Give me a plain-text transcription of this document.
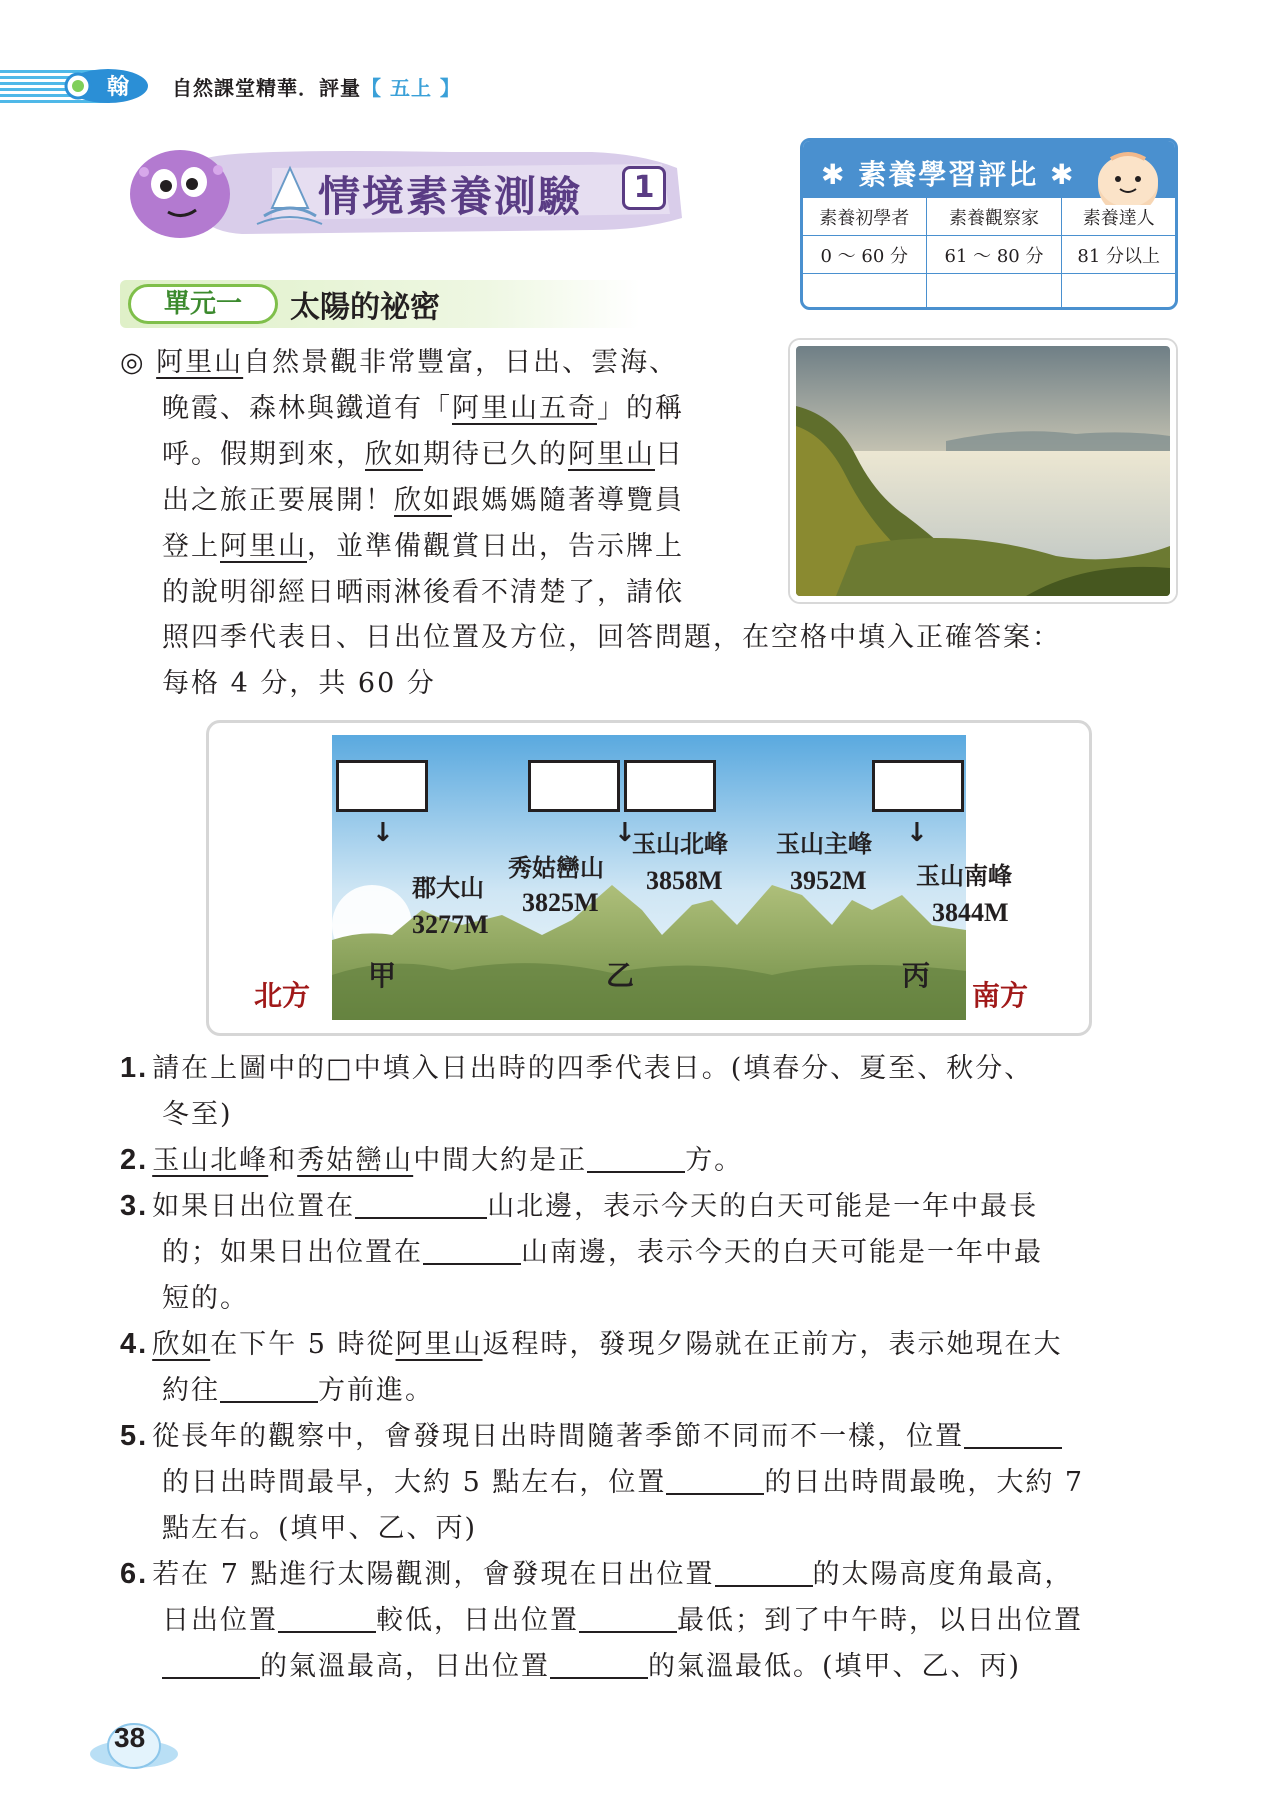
翰 自然課堂精華．評量【 五上 】
情境素養測驗	1	✱ 素養學習評比 ✱
素養初學者	素養觀察家	素養達人
0 ～ 60 分	61 ～ 80 分	81 分以上

單元一	太陽的祕密
◎ 阿里山自然景觀非常豐富，日出、雲海、
晚霞、森林與鐵道有「阿里山五奇」的稱
呼。假期到來，欣如期待已久的阿里山日
出之旅正要展開！欣如跟媽媽隨著導覽員
登上阿里山，並準備觀賞日出，告示牌上
的說明卻經日晒雨淋後看不清楚了，請依
照四季代表日、日出位置及方位，回答問題，在空格中填入正確答案：
每格 4 分，共 60 分
↓	↓	↓
郡大山
3277M
秀姑巒山
3825M
玉山北峰
3858M
玉山主峰
3952M 玉山南峰
3844M
甲	乙	丙
北方	南方
1. 請在上圖中的□中填入日出時的四季代表日。(填春分、夏至、秋分、
冬至)
2. 玉山北峰和秀姑巒山中間大約是正	方。
3. 如果日出位置在	山北邊，表示今天的白天可能是一年中最長
的；如果日出位置在	山南邊，表示今天的白天可能是一年中最
短的。
4. 欣如在下午 5 時從阿里山返程時，發現夕陽就在正前方，表示她現在大
約往	方前進。
5. 從長年的觀察中，會發現日出時間隨著季節不同而不一樣，位置
的日出時間最早，大約 5 點左右，位置	的日出時間最晚，大約 7
點左右。(填甲、乙、丙)
6. 若在 7 點進行太陽觀測，會發現在日出位置	的太陽高度角最高，
日出位置	較低，日出位置	最低；到了中午時，以日出位置
的氣溫最高，日出位置	的氣溫最低。(填甲、乙、丙)
38
